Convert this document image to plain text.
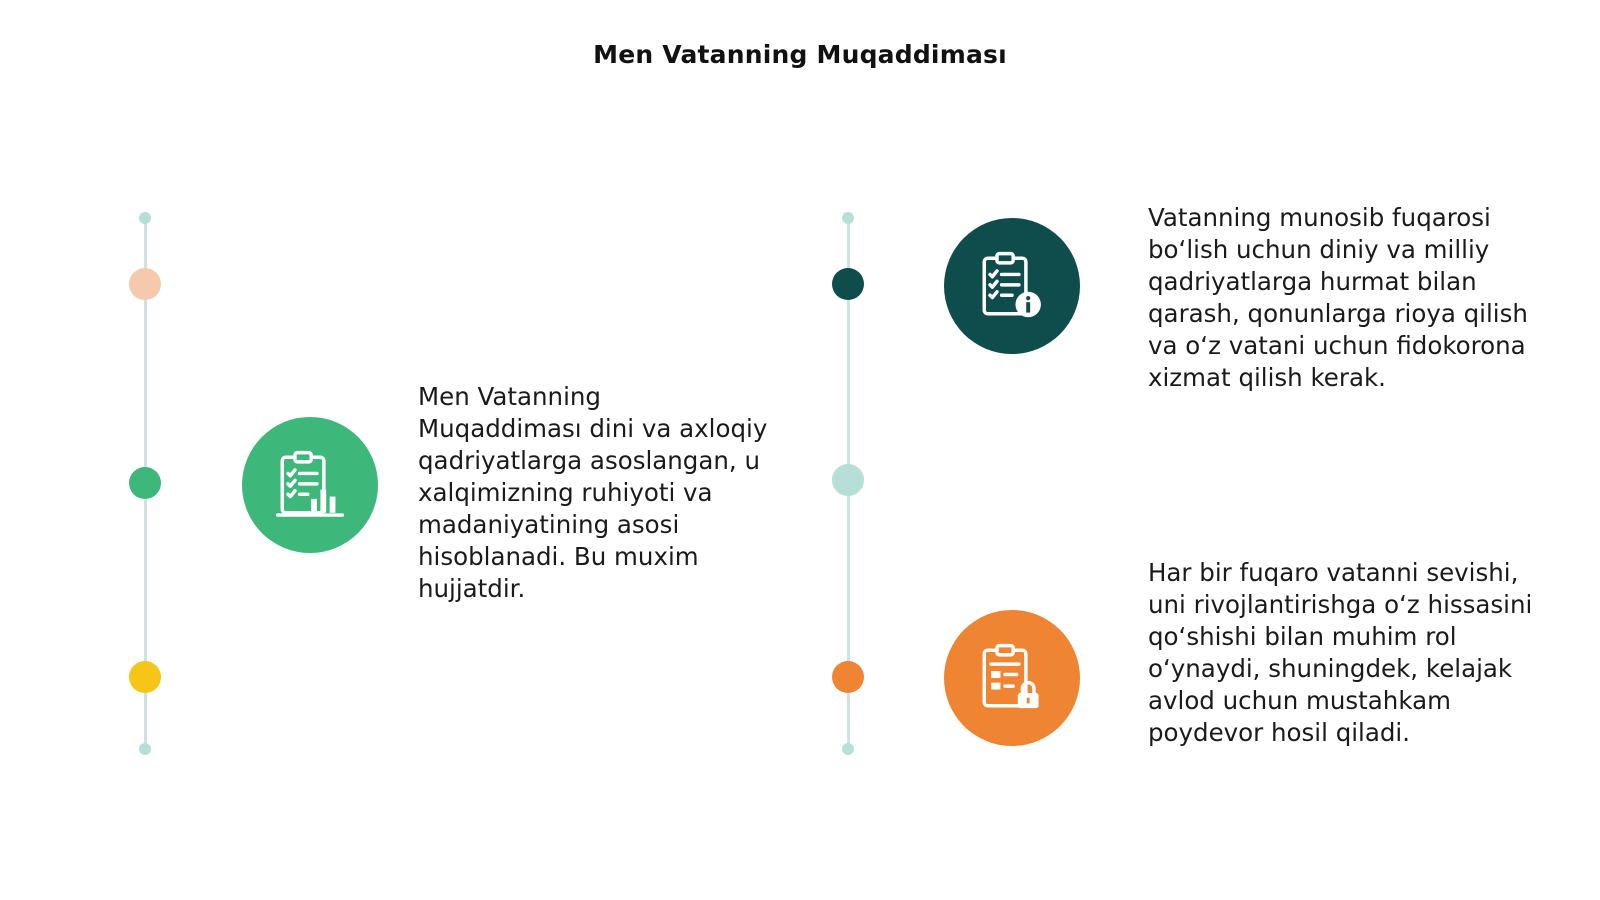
Men Vatanning Muqaddiması
Men Vatanning Muqaddiması dini va axloqiy qadriyatlarga asoslangan, u xalqimizning ruhiyoti va madaniyatining asosi hisoblanadi. Bu muxim hujjatdir.
Vatanning munosib fuqarosi boʻlish uchun diniy va milliy qadriyatlarga hurmat bilan qarash, qonunlarga rioya qilish va oʻz vatani uchun fidokorona xizmat qilish kerak.
Har bir fuqaro vatanni sevishi, uni rivojlantirishga oʻz hissasini qoʻshishi bilan muhim rol oʻynaydi, shuningdek, kelajak avlod uchun mustahkam poydevor hosil qiladi.
